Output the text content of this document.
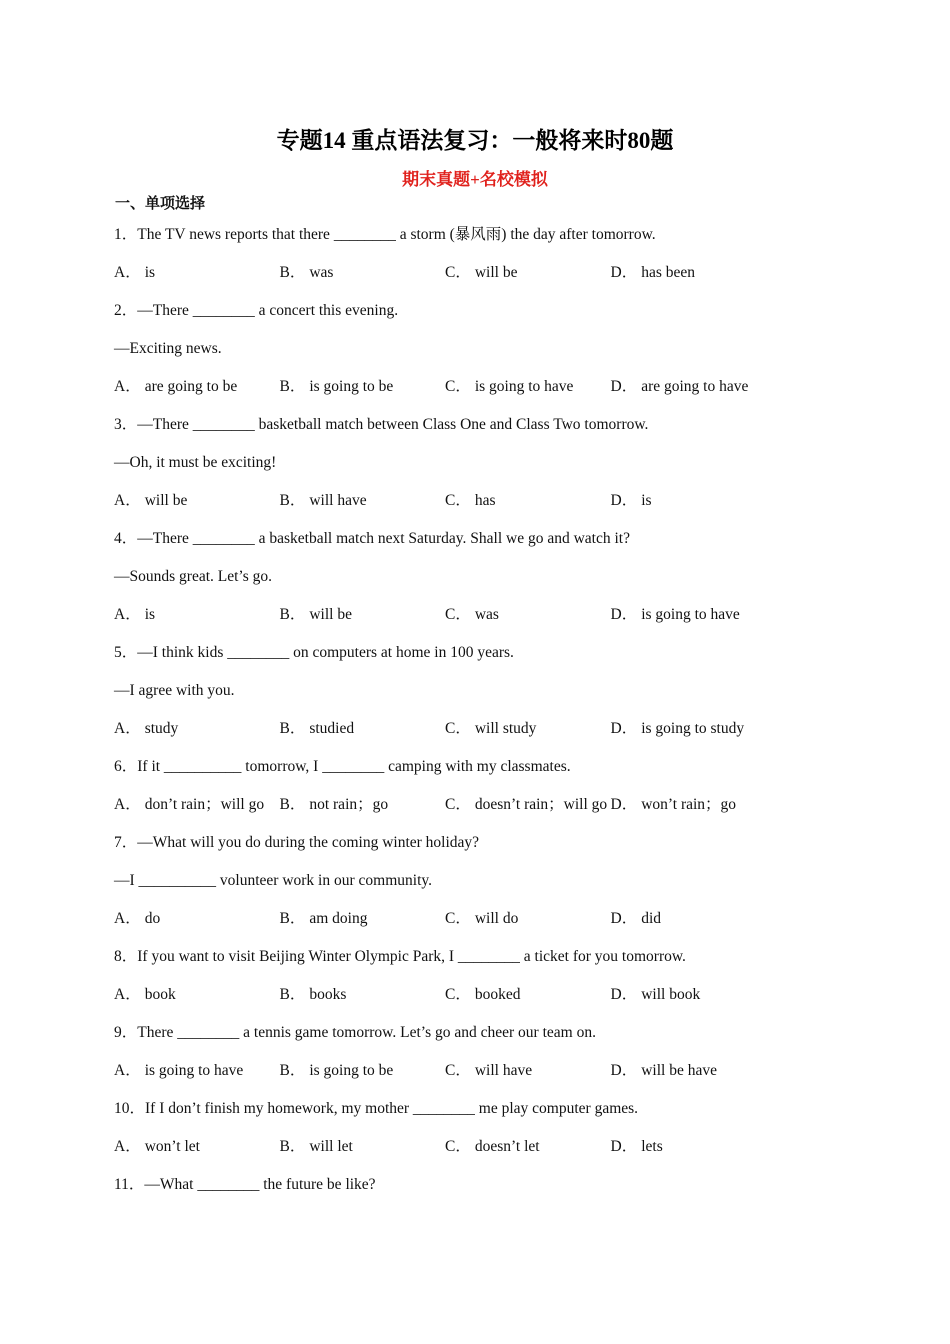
专题14 重点语法复习：一般将来时80题
期末真题+名校模拟
一、单项选择
1．The TV news reports that there ________ a storm (暴风雨) the day after tomorrow.
A． is	B． was	C． will be	D． has been
2．—There ________ a concert this evening.
—Exciting news.
A． are going to be	B． is going to be	C． is going to have	D． are going to have
3．—There ________ basketball match between Class One and Class Two tomorrow.
—Oh, it must be exciting!
A． will be	B． will have	C． has	D． is
4．—There ________ a basketball match next Saturday. Shall we go and watch it?
—Sounds great. Let’s go.
A． is	B． will be	C． was	D． is going to have
5．—I think kids ________ on computers at home in 100 years.
—I agree with you.
A． study	B． studied	C． will study	D． is going to study
6．If it __________ tomorrow, I ________ camping with my classmates.
A． don’t rain；will go B． not rain；go	C． doesn’t rain；will go D． won’t rain；go
7．—What will you do during the coming winter holiday?
—I __________ volunteer work in our community.
A． do	B． am doing	C． will do	D． did
8．If you want to visit Beijing Winter Olympic Park, I ________ a ticket for you tomorrow.
A． book	B． books	C． booked	D． will book
9．There ________ a tennis game tomorrow. Let’s go and cheer our team on.
A． is going to have	B． is going to be	C． will have	D． will be have
10．If I don’t finish my homework, my mother ________ me play computer games.
A． won’t let	B． will let	C． doesn’t let	D． lets
11．—What ________ the future be like?
